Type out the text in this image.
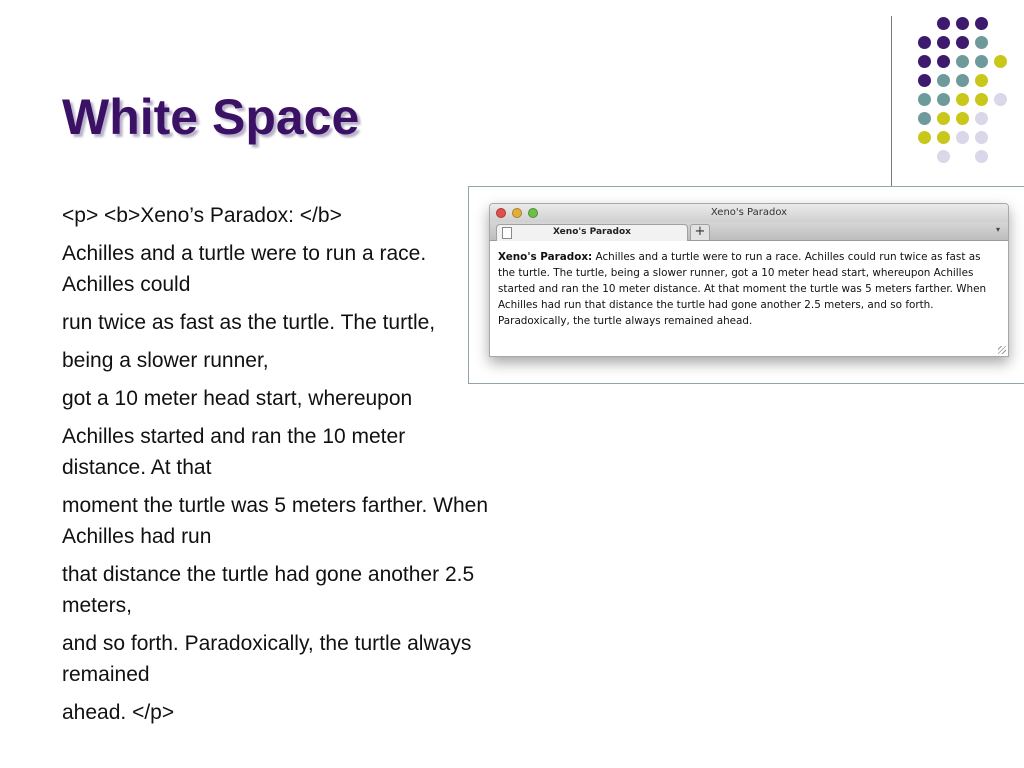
White Space

<p> <b>Xeno’s Paradox: </b>

Achilles and a turtle were to run a race. Achilles could

run twice as fast as the turtle. The turtle,

being a slower runner,

got a 10 meter head start, whereupon

Achilles started and ran the 10 meter distance. At that

moment the turtle was 5 meters farther. When Achilles had run

that distance the turtle had gone another 2.5 meters,

and so forth. Paradoxically, the turtle always remained

ahead. </p>

Xeno's Paradox
Xeno's Paradox	+	▾
Xeno's Paradox: Achilles and a turtle were to run a race. Achilles could run twice as fast as the turtle. The turtle, being a slower runner, got a 10 meter head start, whereupon Achilles started and ran the 10 meter distance. At that moment the turtle was 5 meters farther. When Achilles had run that distance the turtle had gone another 2.5 meters, and so forth. Paradoxically, the turtle always remained ahead.
